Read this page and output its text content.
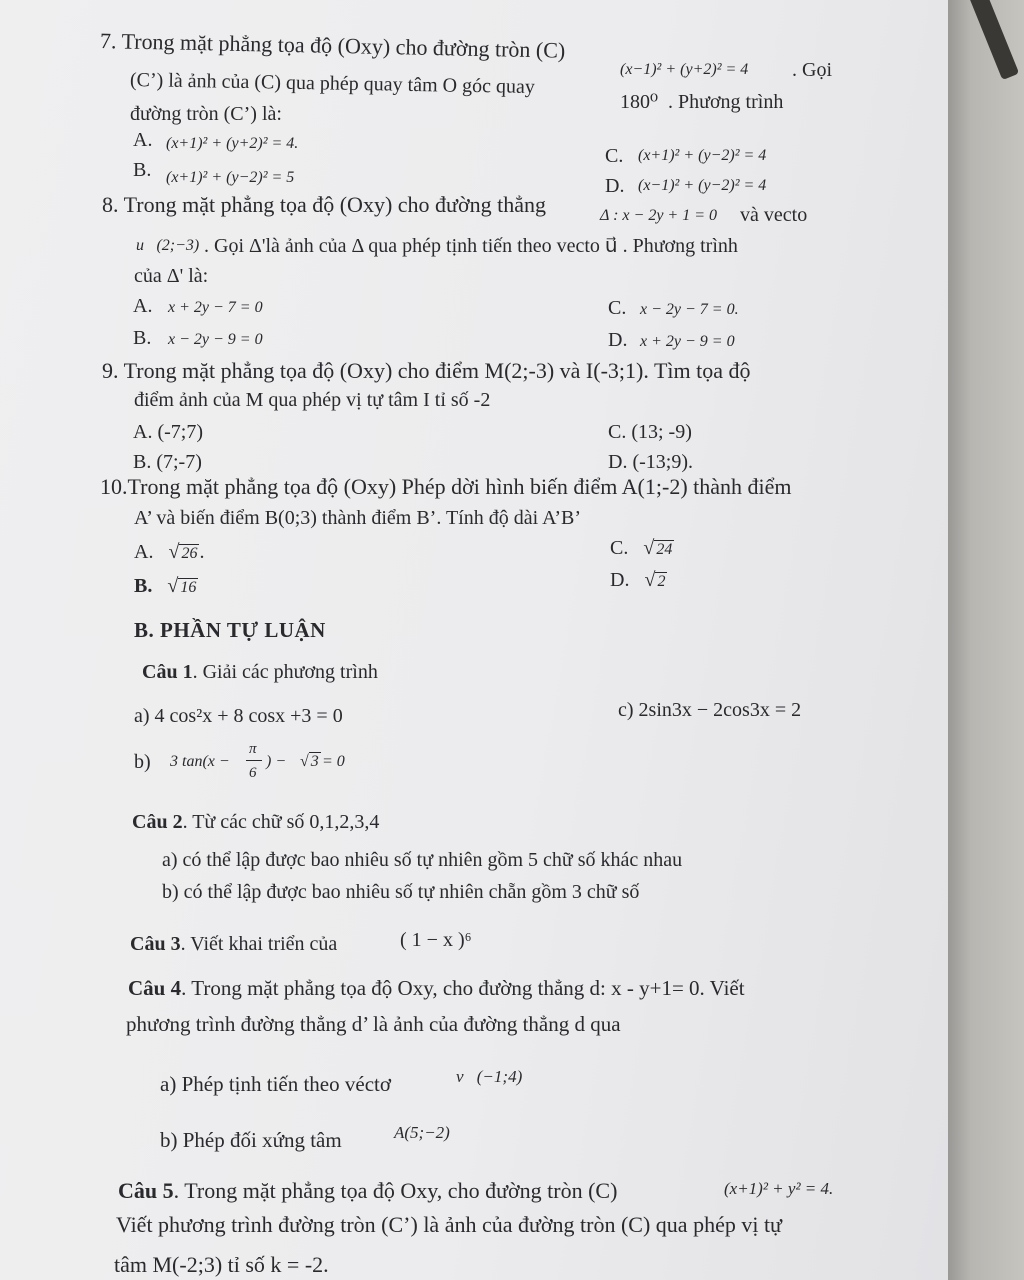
7. Trong mặt phẳng tọa độ (Oxy) cho đường tròn (C)
(x−1)² + (y+2)² = 4 . Gọi
(C’) là ảnh của (C) qua phép quay tâm O góc quay
180⁰ . Phương trình
đường tròn (C’) là:
A. (x+1)² + (y+2)² = 4.
B. (x+1)² + (y−2)² = 5
C. (x+1)² + (y−2)² = 4
D. (x−1)² + (y−2)² = 4
8. Trong mặt phẳng tọa độ (Oxy) cho đường thẳng	Δ : x − 2y + 1 = 0 và vecto
u⃗(2;−3) . Gọi Δ'là ảnh của Δ qua phép tịnh tiến theo vecto u⃗ . Phương trình
của Δ' là:
A. x + 2y − 7 = 0
B. x − 2y − 9 = 0
C. x − 2y − 7 = 0.
D. x + 2y − 9 = 0
9. Trong mặt phẳng tọa độ (Oxy) cho điểm M(2;-3) và I(-3;1). Tìm tọa độ
điểm ảnh của M qua phép vị tự tâm I tỉ số -2
A. (-7;7)
B. (7;-7)
C. (13; -9)
D. (-13;9).
10.Trong mặt phẳng tọa độ (Oxy) Phép dời hình biến điểm A(1;-2) thành điểm
A’ và biến điểm B(0;3) thành điểm B’. Tính độ dài A’B’
A. √ 26 .
B. √ 16
C. √ 24
D. √ 2
B. PHẦN TỰ LUẬN
Câu 1. Giải các phương trình
a) 4 cos²x + 8 cosx +3 = 0	c) 2sin3x − 2cos3x = 2
b) 3 tan(x −
π
6
) − √ 3 = 0
Câu 2. Từ các chữ số 0,1,2,3,4
a) có thể lập được bao nhiêu số tự nhiên gồm 5 chữ số khác nhau
b) có thể lập được bao nhiêu số tự nhiên chẵn gồm 3 chữ số
Câu 3. Viết khai triển của	( 1 − x )⁶
Câu 4. Trong mặt phẳng tọa độ Oxy, cho đường thẳng d: x - y+1= 0. Viết
phương trình đường thẳng d’ là ảnh của đường thẳng d qua
a) Phép tịnh tiến theo véctơ	v⃗(−1;4)
b) Phép đối xứng tâm	A(5;−2)
Câu 5. Trong mặt phẳng tọa độ Oxy, cho đường tròn (C)	(x+1)² + y² = 4.
Viết phương trình đường tròn (C’) là ảnh của đường tròn (C) qua phép vị tự
tâm M(-2;3) tỉ số k = -2.
